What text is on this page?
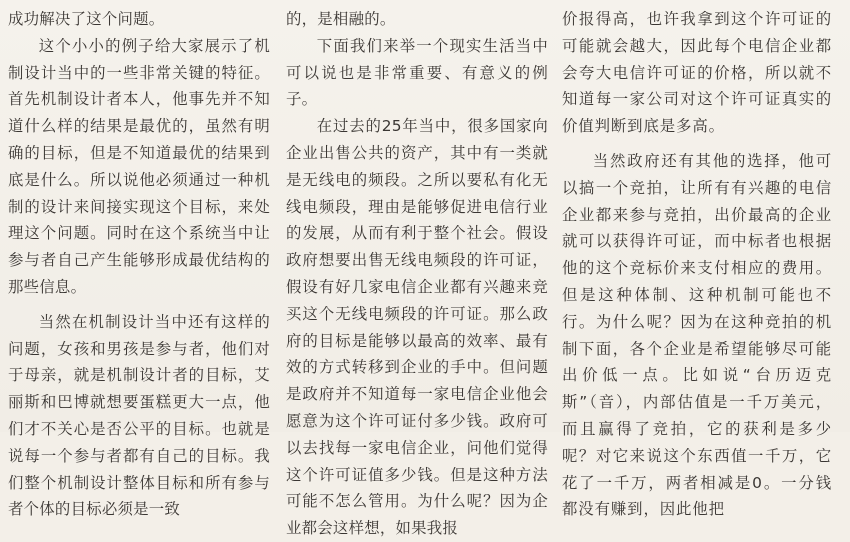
成功解决了这个问题。

这个小小的例子给大家展示了机制设计当中的一些非常关键的特征。首先机制设计者本人，他事先并不知道什么样的结果是最优的，虽然有明确的目标，但是不知道最优的结果到底是什么。所以说他必须通过一种机制的设计来间接实现这个目标，来处理这个问题。同时在这个系统当中让参与者自己产生能够形成最优结构的那些信息。

当然在机制设计当中还有这样的问题，女孩和男孩是参与者，他们对于母亲，就是机制设计者的目标，艾丽斯和巴博就想要蛋糕更大一点，他们才不关心是否公平的目标。也就是说每一个参与者都有自己的目标。我们整个机制设计整体目标和所有参与者个体的目标必须是一致

的，是相融的。

下面我们来举一个现实生活当中可以说也是非常重要、有意义的例子。

在过去的25年当中，很多国家向企业出售公共的资产，其中有一类就是无线电的频段。之所以要私有化无线电频段，理由是能够促进电信行业的发展，从而有利于整个社会。假设政府想要出售无线电频段的许可证，假设有好几家电信企业都有兴趣来竞买这个无线电频段的许可证。那么政府的目标是能够以最高的效率、最有效的方式转移到企业的手中。但问题是政府并不知道每一家电信企业他会愿意为这个许可证付多少钱。政府可以去找每一家电信企业，问他们觉得这个许可证值多少钱。但是这种方法可能不怎么管用。为什么呢？因为企业都会这样想，如果我报

价报得高，也许我拿到这个许可证的可能就会越大，因此每个电信企业都会夸大电信许可证的价格，所以就不知道每一家公司对这个许可证真实的价值判断到底是多高。

当然政府还有其他的选择，他可以搞一个竞拍，让所有有兴趣的电信企业都来参与竞拍，出价最高的企业就可以获得许可证，而中标者也根据他的这个竞标价来支付相应的费用。但是这种体制、这种机制可能也不行。为什么呢？因为在这种竞拍的机制下面，各个企业是希望能够尽可能出价低一点。比如说“台历迈克斯”（音），内部估值是一千万美元，而且赢得了竞拍，它的获利是多少呢？对它来说这个东西值一千万，它花了一千万，两者相减是0。一分钱都没有赚到，因此他把
